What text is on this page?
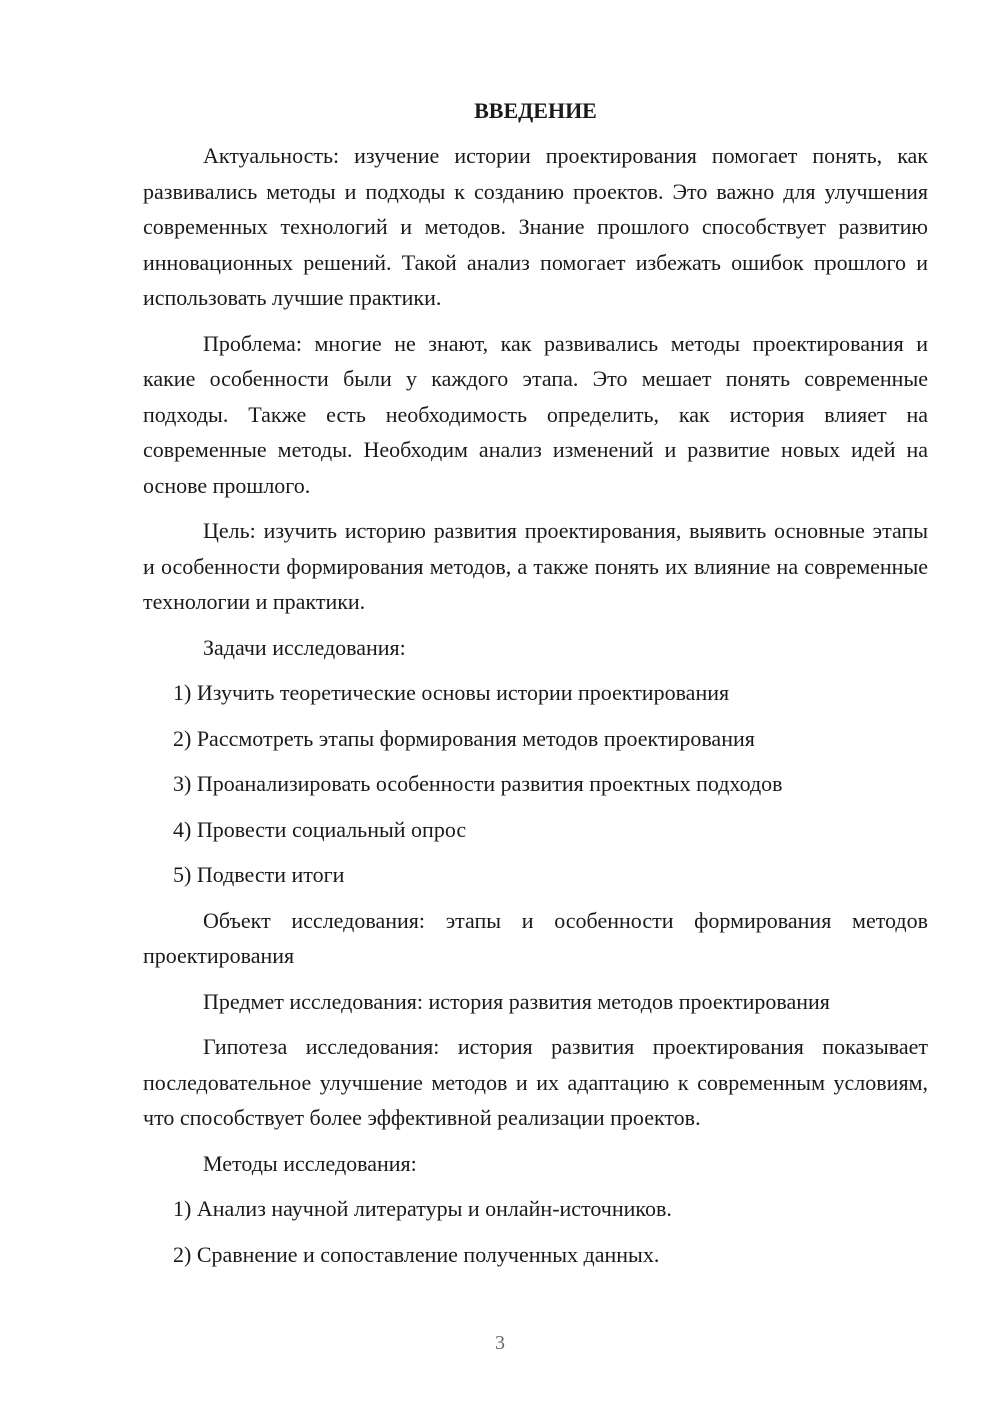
ВВЕДЕНИЕ
Актуальность: изучение истории проектирования помогает понять, как развивались методы и подходы к созданию проектов. Это важно для улучшения современных технологий и методов. Знание прошлого способствует развитию инновационных решений. Такой анализ помогает избежать ошибок прошлого и использовать лучшие практики.
Проблема: многие не знают, как развивались методы проектирования и какие особенности были у каждого этапа. Это мешает понять современные подходы. Также есть необходимость определить, как история влияет на современные методы. Необходим анализ изменений и развитие новых идей на основе прошлого.
Цель: изучить историю развития проектирования, выявить основные этапы и особенности формирования методов, а также понять их влияние на современные технологии и практики.
Задачи исследования:
1) Изучить теоретические основы истории проектирования
2) Рассмотреть этапы формирования методов проектирования
3) Проанализировать особенности развития проектных подходов
4) Провести социальный опрос
5) Подвести итоги
Объект исследования: этапы и особенности формирования методов проектирования
Предмет исследования: история развития методов проектирования
Гипотеза исследования: история развития проектирования показывает последовательное улучшение методов и их адаптацию к современным условиям, что способствует более эффективной реализации проектов.
Методы исследования:
1) Анализ научной литературы и онлайн-источников.
2) Сравнение и сопоставление полученных данных.
3
